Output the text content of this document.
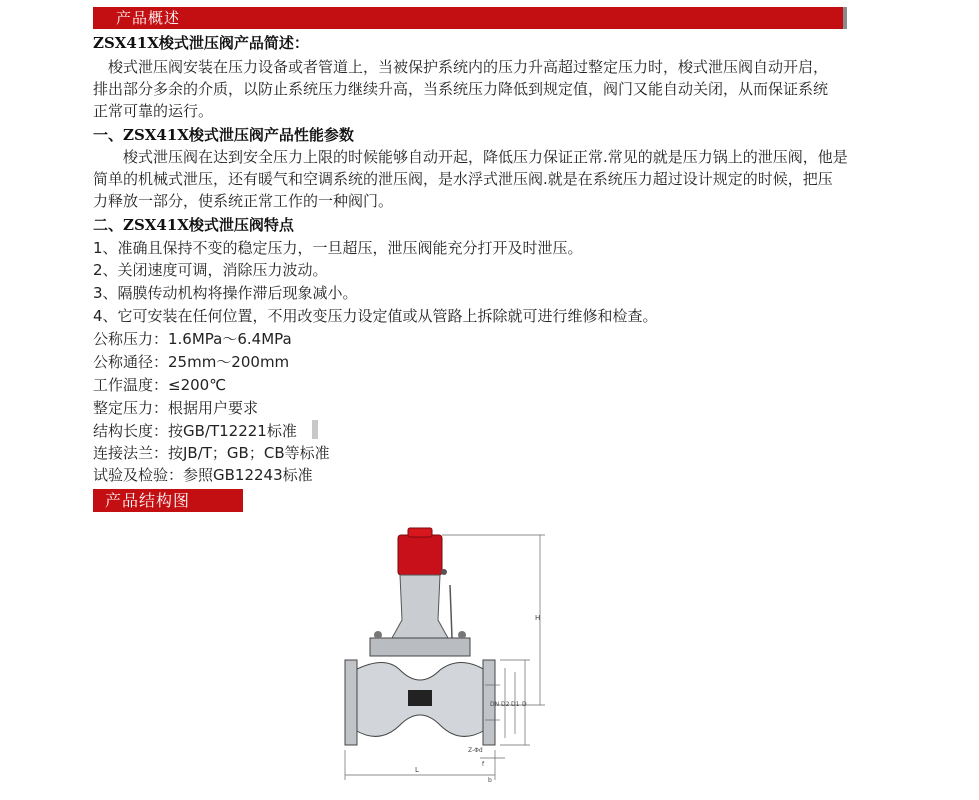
产品概述
ZSX41X梭式泄压阀产品简述：
　梭式泄压阀安装在压力设备或者管道上，当被保护系统内的压力升高超过整定压力时，梭式泄压阀自动开启，
排出部分多余的介质，以防止系统压力继续升高，当系统压力降低到规定值，阀门又能自动关闭，从而保证系统
正常可靠的运行。
一、ZSX41X梭式泄压阀产品性能参数
　　梭式泄压阀在达到安全压力上限的时候能够自动开起，降低压力保证正常.常见的就是压力锅上的泄压阀，他是
简单的机械式泄压，还有暖气和空调系统的泄压阀，是水浮式泄压阀.就是在系统压力超过设计规定的时候，把压
力释放一部分，使系统正常工作的一种阀门。
二、ZSX41X梭式泄压阀特点
1、准确且保持不变的稳定压力，一旦超压，泄压阀能充分打开及时泄压。
2、关闭速度可调，消除压力波动。
3、隔膜传动机构将操作滞后现象减小。
4、它可安装在任何位置，不用改变压力设定值或从管路上拆除就可进行维修和检查。
公称压力：1.6MPa～6.4MPa
公称通径：25mm～200mm
工作温度：≤200℃
整定压力：根据用户要求
结构长度：按GB/T12221标准
连接法兰：按JB/T；GB；CB等标准
试验及检验：参照GB12243标准
产品结构图
H
L
DN D2 D1 D
Z-Φd
f
b
